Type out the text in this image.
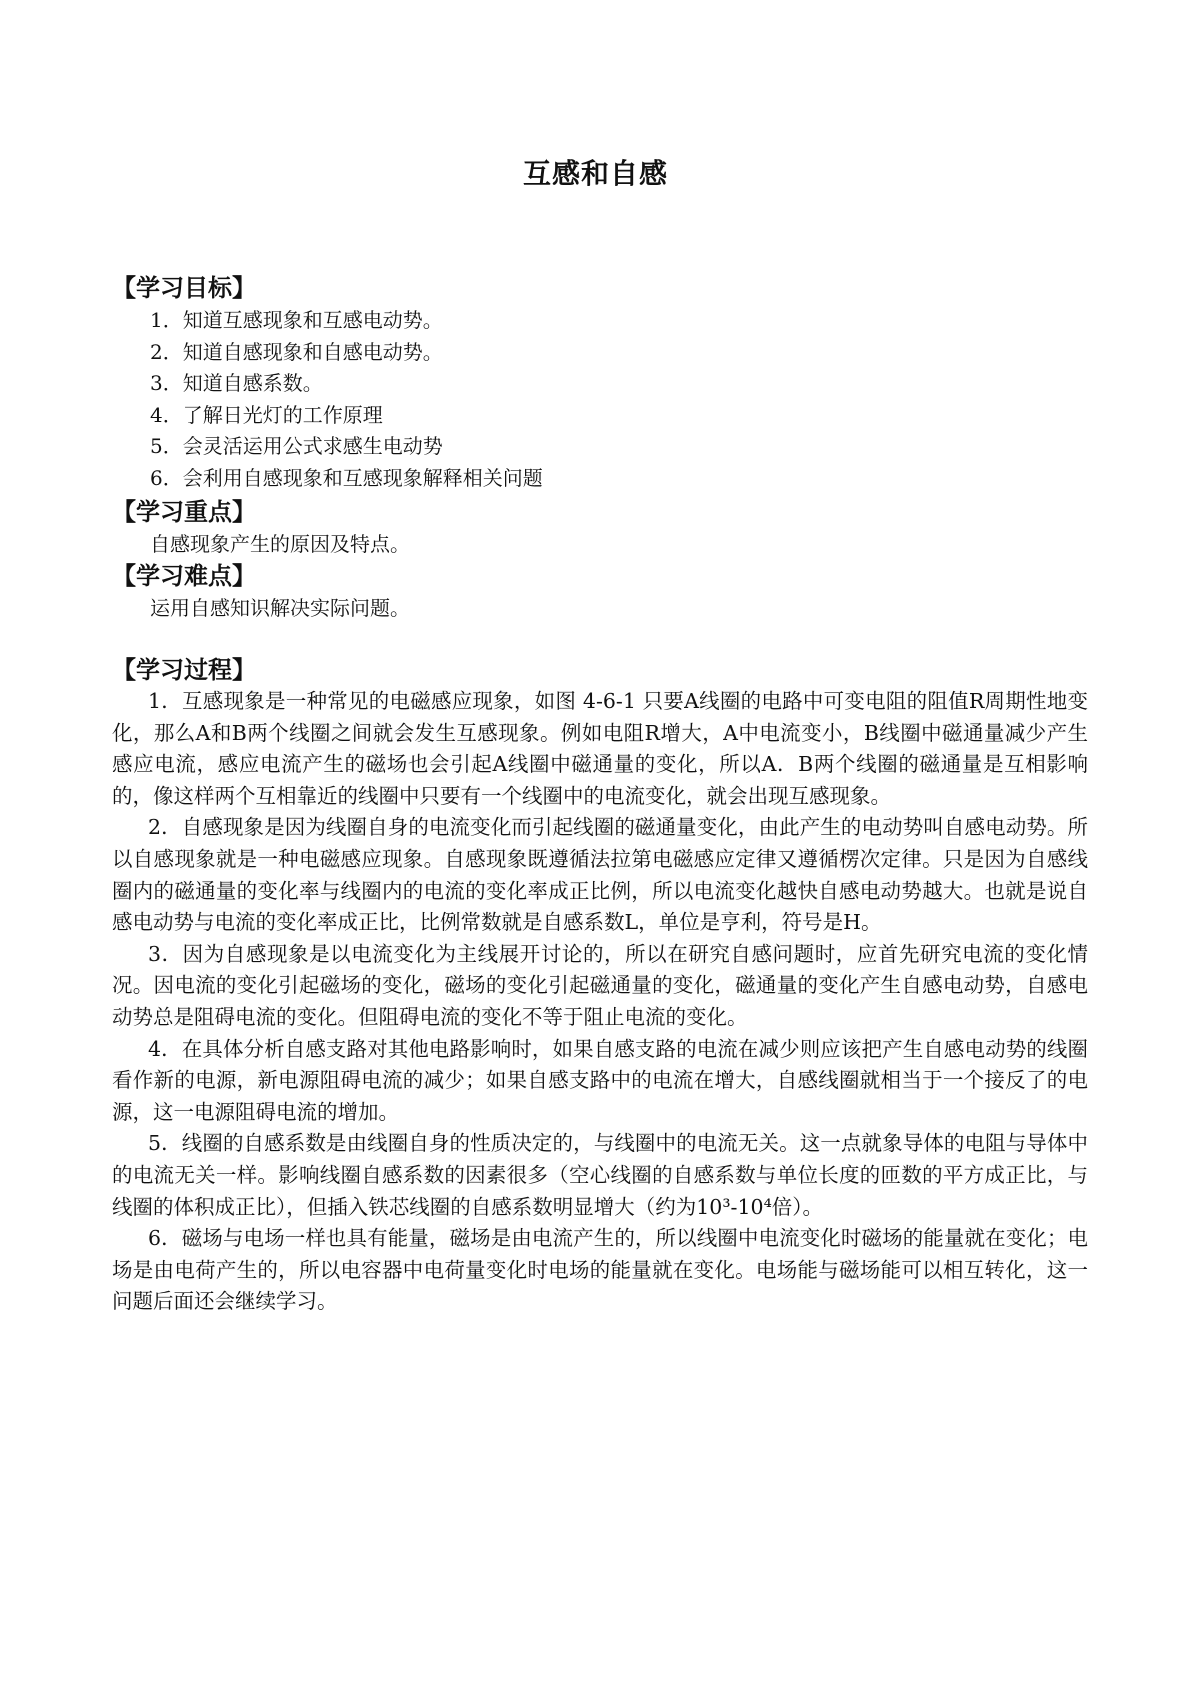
互感和自感
【学习目标】
1．知道互感现象和互感电动势。
2．知道自感现象和自感电动势。
3．知道自感系数。
4．了解日光灯的工作原理
5．会灵活运用公式求感生电动势
6．会利用自感现象和互感现象解释相关问题
【学习重点】
自感现象产生的原因及特点。
【学习难点】
运用自感知识解决实际问题。
【学习过程】

1．互感现象是一种常见的电磁感应现象，如图 4-6-1 只要A线圈的电路中可变电阻的阻值R周期性地变化，那么A和B两个线圈之间就会发生互感现象。例如电阻R增大，A中电流变小，B线圈中磁通量减少产生感应电流，感应电流产生的磁场也会引起A线圈中磁通量的变化，所以A．B两个线圈的磁通量是互相影响的，像这样两个互相靠近的线圈中只要有一个线圈中的电流变化，就会出现互感现象。

2．自感现象是因为线圈自身的电流变化而引起线圈的磁通量变化，由此产生的电动势叫自感电动势。所以自感现象就是一种电磁感应现象。自感现象既遵循法拉第电磁感应定律又遵循楞次定律。只是因为自感线圈内的磁通量的变化率与线圈内的电流的变化率成正比例，所以电流变化越快自感电动势越大。也就是说自感电动势与电流的变化率成正比，比例常数就是自感系数L，单位是亨利，符号是H。

3．因为自感现象是以电流变化为主线展开讨论的，所以在研究自感问题时，应首先研究电流的变化情况。因电流的变化引起磁场的变化，磁场的变化引起磁通量的变化，磁通量的变化产生自感电动势，自感电动势总是阻碍电流的变化。但阻碍电流的变化不等于阻止电流的变化。

4．在具体分析自感支路对其他电路影响时，如果自感支路的电流在减少则应该把产生自感电动势的线圈看作新的电源，新电源阻碍电流的减少；如果自感支路中的电流在增大，自感线圈就相当于一个接反了的电源，这一电源阻碍电流的增加。

5．线圈的自感系数是由线圈自身的性质决定的，与线圈中的电流无关。这一点就象导体的电阻与导体中的电流无关一样。影响线圈自感系数的因素很多（空心线圈的自感系数与单位长度的匝数的平方成正比，与线圈的体积成正比），但插入铁芯线圈的自感系数明显增大（约为10³-10⁴倍）。

6．磁场与电场一样也具有能量，磁场是由电流产生的，所以线圈中电流变化时磁场的能量就在变化；电场是由电荷产生的，所以电容器中电荷量变化时电场的能量就在变化。电场能与磁场能可以相互转化，这一问题后面还会继续学习。
